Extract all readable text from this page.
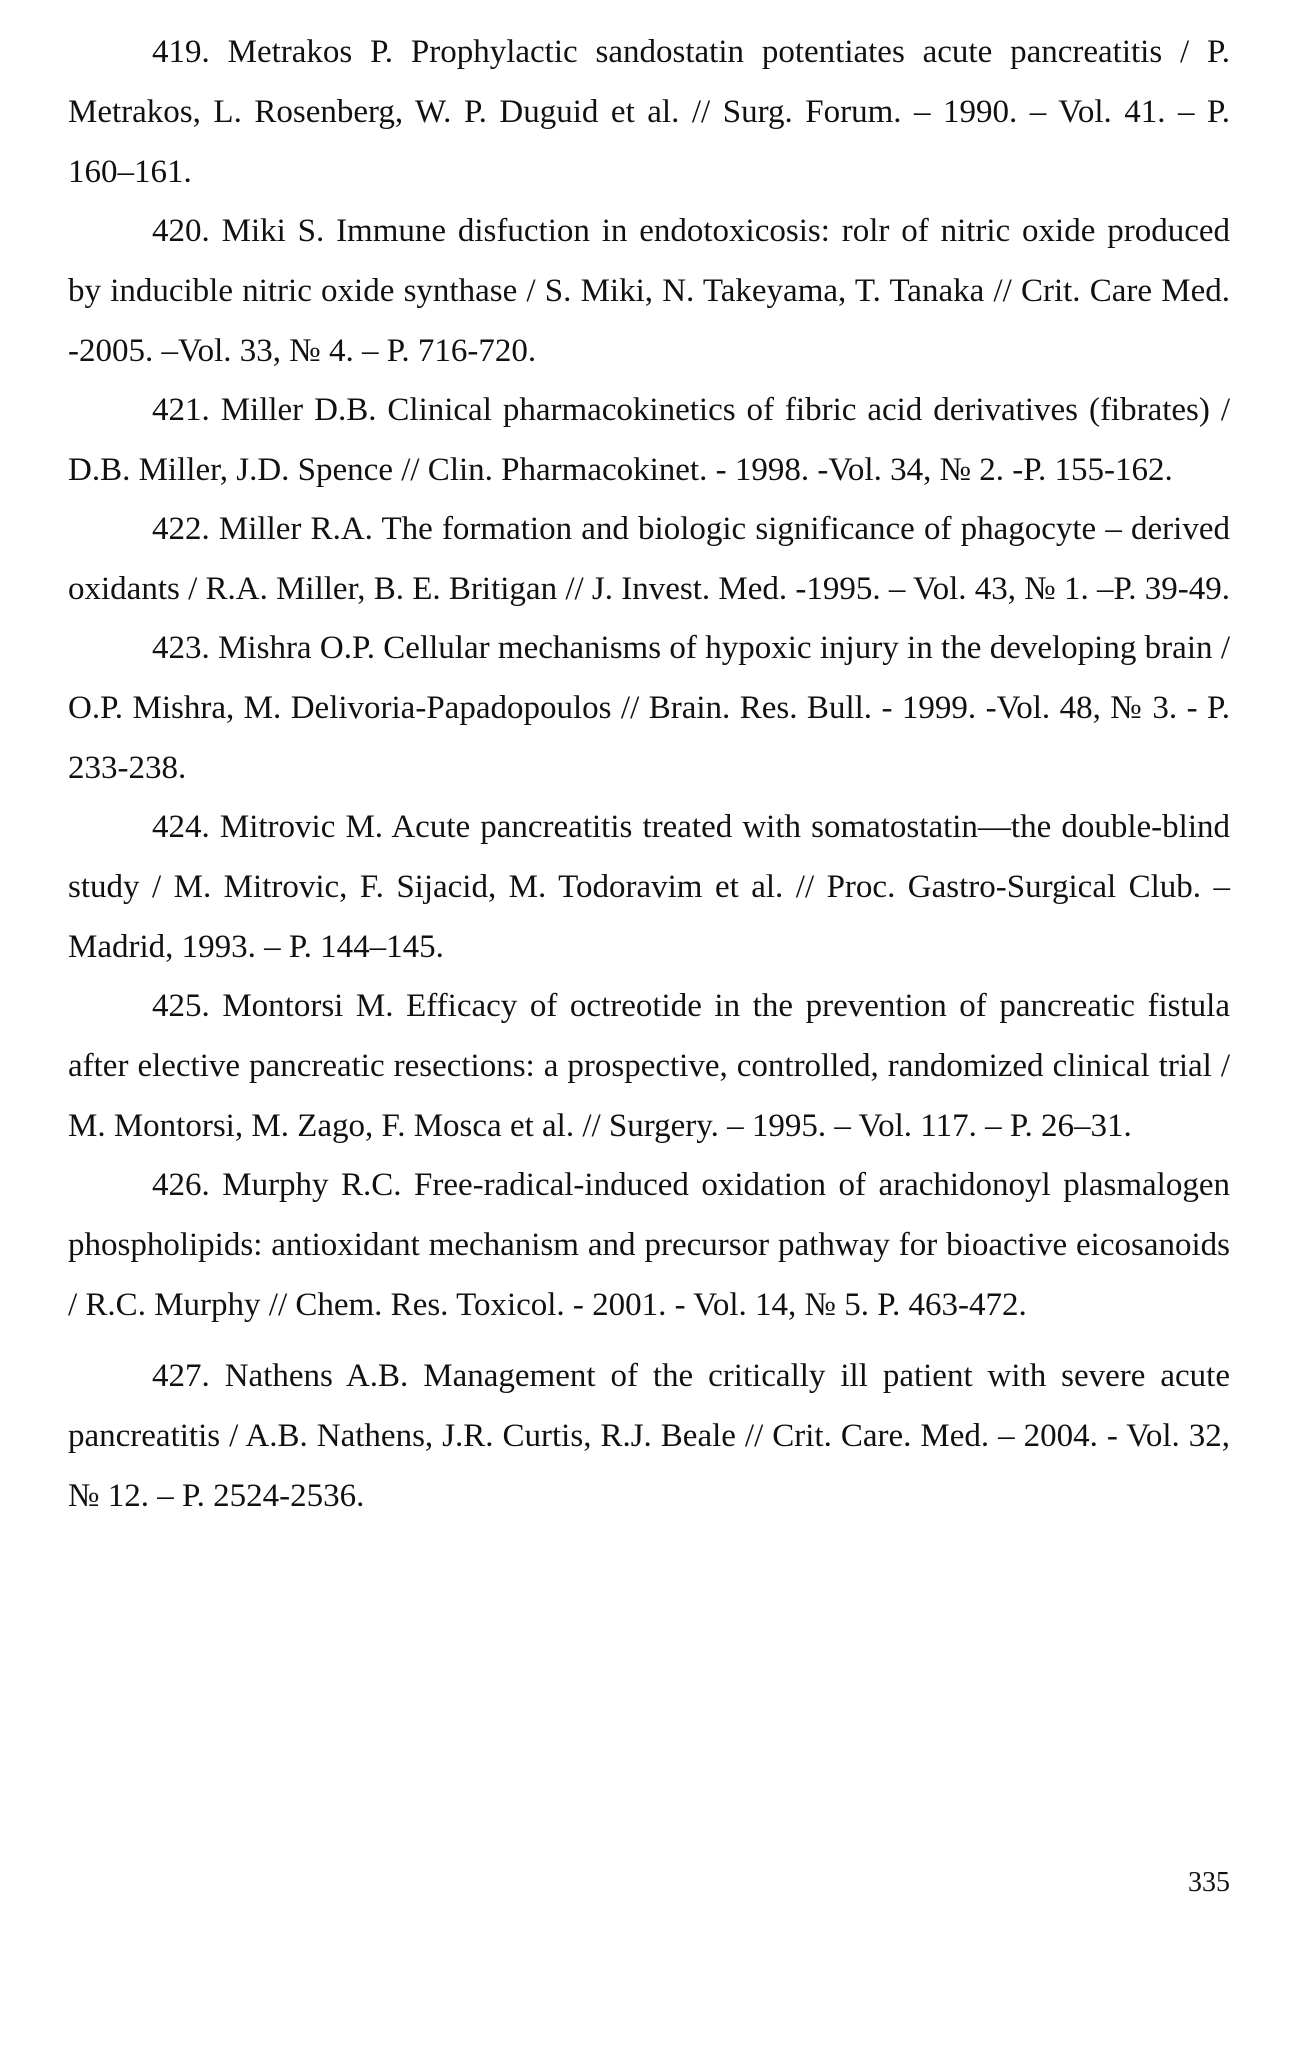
419. Metrakos P. Prophylactic sandostatin potentiates acute pancreatitis / P. Metrakos, L. Rosenberg, W. P. Duguid et al. // Surg. Forum. – 1990. – Vol. 41. – P. 160–161.

420. Miki S. Immune disfuction in endotoxicosis: rolr of nitric oxide produced by inducible nitric oxide synthase / S. Miki, N. Takeyama, T. Tanaka // Crit. Care Med. -2005. –Vol. 33, № 4. – P. 716-720.

421. Miller D.B. Clinical pharmacokinetics of fibric acid derivatives (fibrates) / D.B. Miller, J.D. Spence // Clin. Pharmacokinet. - 1998. -Vol. 34, № 2. -P. 155-162.

422. Miller R.A. The formation and biologic significance of phagocyte – derived oxidants / R.A. Miller, B. E. Britigan // J. Invest. Med. -1995. – Vol. 43, № 1. –P. 39-49.

423. Mishra O.P. Cellular mechanisms of hypoxic injury in the developing brain / O.P. Mishra, M. Delivoria-Papadopoulos // Brain. Res. Bull. - 1999. -Vol. 48, № 3. - P. 233-238.

424. Mitrovic M. Acute pancreatitis treated with somatostatin—the double-blind study / M. Mitrovic, F. Sijacid, M. Todoravim et al. // Proc. Gastro-Surgical Club. – Madrid, 1993. – P. 144–145.

425. Montorsi M. Efficacy of octreotide in the prevention of pancreatic fistula after elective pancreatic resections: a prospective, controlled, randomized clinical trial / M. Montorsi, M. Zago, F. Mosca et al. // Surgery. – 1995. – Vol. 117. – P. 26–31.

426. Murphy R.C. Free-radical-induced oxidation of arachidonoyl plasmalogen phospholipids: antioxidant mechanism and precursor pathway for bioactive eicosanoids / R.C. Murphy // Chem. Res. Toxicol. - 2001. - Vol. 14, № 5. P. 463-472.

427. Nathens A.B. Management of the critically ill patient with severe acute pancreatitis / A.B. Nathens, J.R. Curtis, R.J. Beale // Crit. Care. Med. – 2004. - Vol. 32, № 12. – P. 2524-2536.

335
